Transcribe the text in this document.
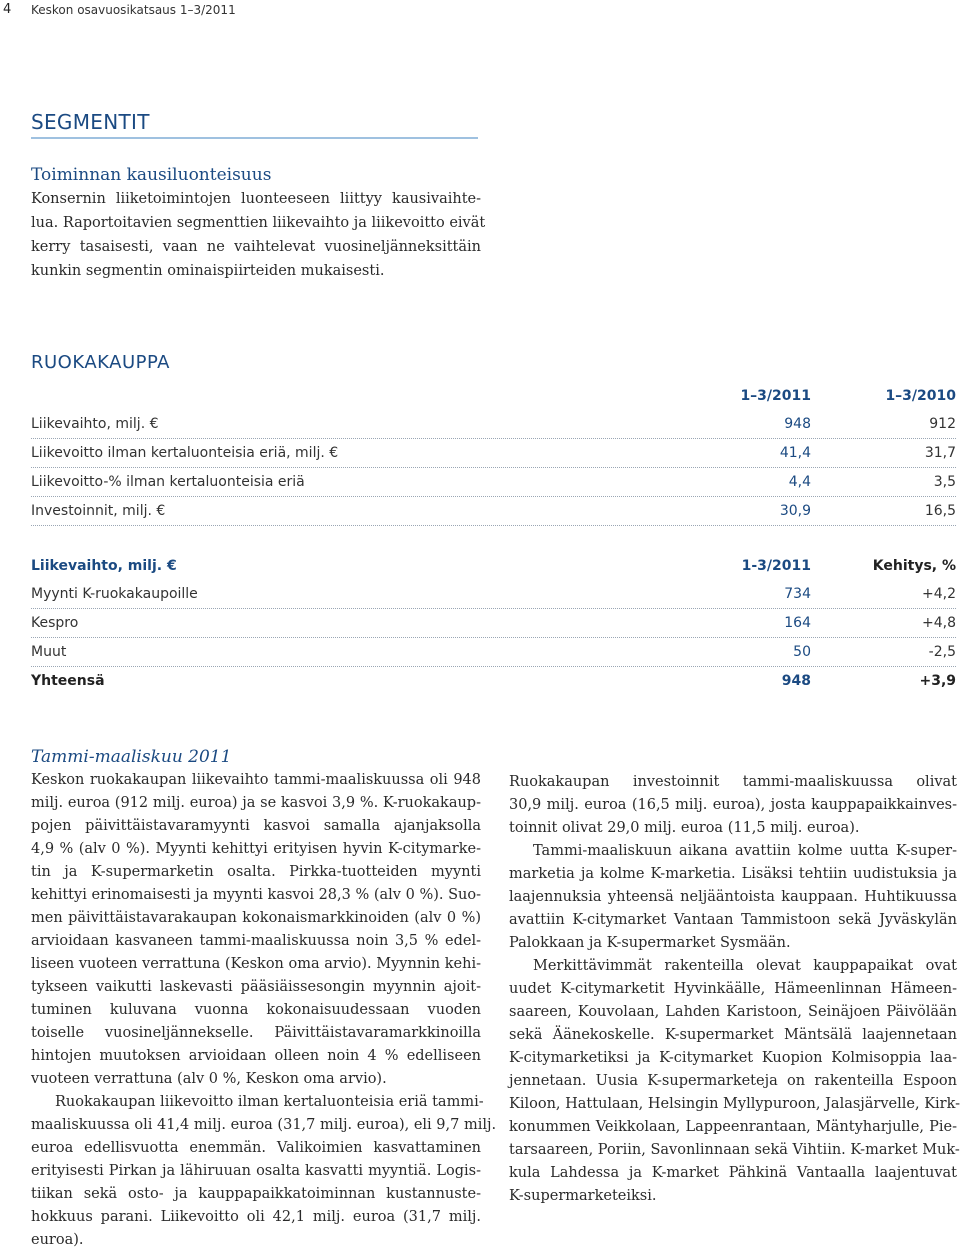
4 Keskon osavuosikatsaus 1–3/2011
SEGMENTIT
Toiminnan kausiluonteisuus
Konsernin liiketoimintojen luonteeseen liittyy kausivaihte-
lua. Raportoitavien segmenttien liikevaihto ja liikevoitto eivät
kerry tasaisesti, vaan ne vaihtelevat vuosineljänneksittäin
kunkin segmentin ominaispiirteiden mukaisesti.
RUOKAKAUPPA
1–3/2011	1–3/2010
Liikevaihto, milj. €	948	912
Liikevoitto ilman kertaluonteisia eriä, milj. €	41,4	31,7
Liikevoitto-% ilman kertaluonteisia eriä	4,4	3,5
Investoinnit, milj. €	30,9	16,5
Liikevaihto, milj. €	1-3/2011	Kehitys, %
Myynti K-ruokakaupoille	734	+4,2
Kespro	164	+4,8
Muut	50	-2,5
Yhteensä	948	+3,9
Tammi-maaliskuu 2011
Keskon ruokakaupan liikevaihto tammi-maaliskuussa oli 948
milj. euroa (912 milj. euroa) ja se kasvoi 3,9 %. K-ruokakaup-
pojen päivittäistavaramyynti kasvoi samalla ajanjaksolla
4,9 % (alv 0 %). Myynti kehittyi erityisen hyvin K-citymarke-
tin ja K-supermarketin osalta. Pirkka-tuotteiden myynti
kehittyi erinomaisesti ja myynti kasvoi 28,3 % (alv 0 %). Suo-
men päivittäistavarakaupan kokonaismarkkinoiden (alv 0 %)
arvioidaan kasvaneen tammi-maaliskuussa noin 3,5 % edel-
liseen vuoteen verrattuna (Keskon oma arvio). Myynnin kehi-
tykseen vaikutti laskevasti pääsiäissesongin myynnin ajoit-
tuminen kuluvana vuonna kokonaisuudessaan vuoden
toiselle vuosineljännekselle. Päivittäistavaramarkkinoilla
hintojen muutoksen arvioidaan olleen noin 4 % edelliseen
vuoteen verrattuna (alv 0 %, Keskon oma arvio).
Ruokakaupan liikevoitto ilman kertaluonteisia eriä tammi-
maaliskuussa oli 41,4 milj. euroa (31,7 milj. euroa), eli 9,7 milj.
euroa edellisvuotta enemmän. Valikoimien kasvattaminen
erityisesti Pirkan ja lähiruuan osalta kasvatti myyntiä. Logis-
tiikan sekä osto- ja kauppapaikkatoiminnan kustannuste-
hokkuus parani. Liikevoitto oli 42,1 milj. euroa (31,7 milj.
euroa).
Ruokakaupan investoinnit tammi-maaliskuussa olivat
30,9 milj. euroa (16,5 milj. euroa), josta kauppapaikkainves-
toinnit olivat 29,0 milj. euroa (11,5 milj. euroa).
Tammi-maaliskuun aikana avattiin kolme uutta K-super-
marketia ja kolme K-marketia. Lisäksi tehtiin uudistuksia ja
laajennuksia yhteensä neljääntoista kauppaan. Huhtikuussa
avattiin K-citymarket Vantaan Tammistoon sekä Jyväskylän
Palokkaan ja K-supermarket Sysmään.
Merkittävimmät rakenteilla olevat kauppapaikat ovat
uudet K-citymarketit Hyvinkäälle, Hämeenlinnan Hämeen-
saareen, Kouvolaan, Lahden Karistoon, Seinäjoen Päivölään
sekä Äänekoskelle. K-supermarket Mäntsälä laajennetaan
K-citymarketiksi ja K-citymarket Kuopion Kolmisoppia laa-
jennetaan. Uusia K-supermarketeja on rakenteilla Espoon
Kiloon, Hattulaan, Helsingin Myllypuroon, Jalasjärvelle, Kirk-
konummen Veikkolaan, Lappeenrantaan, Mäntyharjulle, Pie-
tarsaareen, Poriin, Savonlinnaan sekä Vihtiin. K-market Muk-
kula Lahdessa ja K-market Pähkinä Vantaalla laajentuvat
K-supermarketeiksi.
